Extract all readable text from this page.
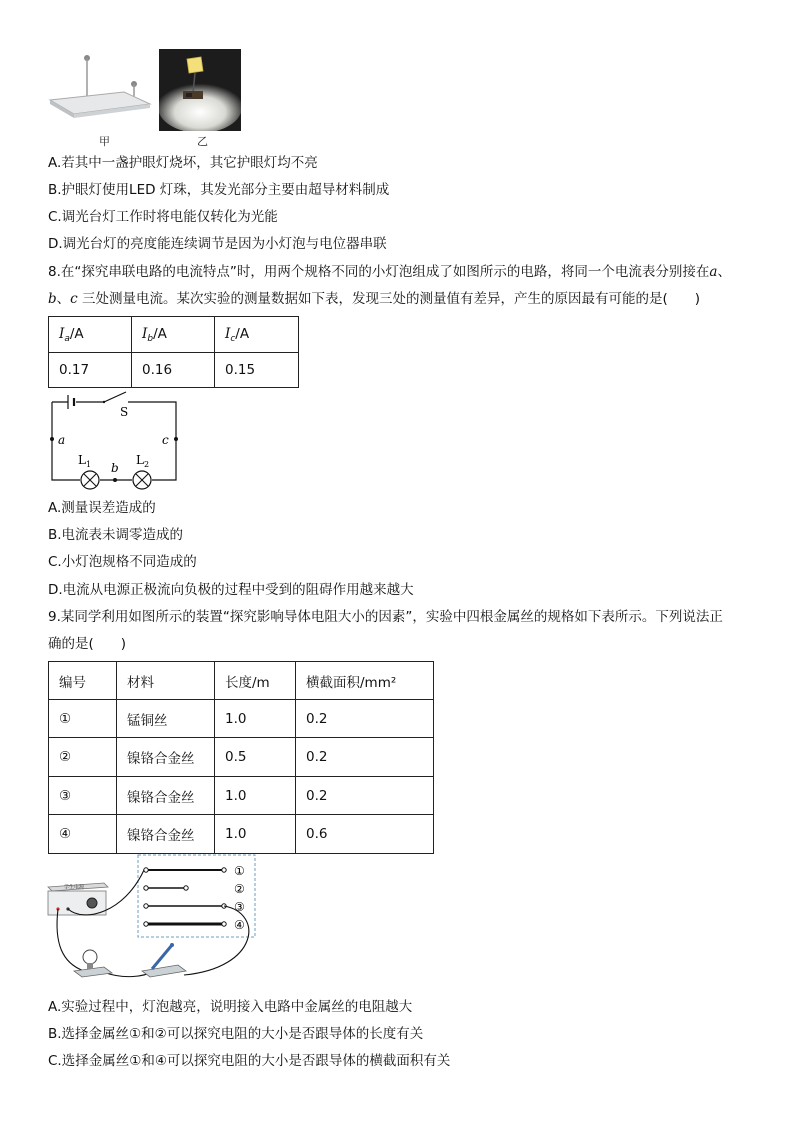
甲	乙
A.若其中一盏护眼灯烧坏，其它护眼灯均不亮
B.护眼灯使用LED 灯珠，其发光部分主要由超导材料制成
C.调光台灯工作时将电能仅转化为光能
D.调光台灯的亮度能连续调节是因为小灯泡与电位器串联
8.在“探究串联电路的电流特点”时，用两个规格不同的小灯泡组成了如图所示的电路，将同一个电流表分别接在a、
b、c 三处测量电流。某次实验的测量数据如下表，发现三处的测量值有差异，产生的原因最有可能的是(　　)
$I_a/A$	$I_b/A$	$I_c/A$
0.17	0.16	0.15
S
a	c
$L_1$ b
$L_2$
A.测量误差造成的
B.电流表未调零造成的
C.小灯泡规格不同造成的
D.电流从电源正极流向负极的过程中受到的阻碍作用越来越大
9.某同学利用如图所示的装置“探究影响导体电阻大小的因素”，实验中四根金属丝的规格如下表所示。下列说法正
确的是(　　)
编号	材料	长度/m	横截面积/mm²
①	锰铜丝	1.0	0.2
②	镍铬合金丝	0.5	0.2
③	镍铬合金丝	1.0	0.2
④	镍铬合金丝	1.0	0.6
①
②
③
④
学生电源
A.实验过程中，灯泡越亮，说明接入电路中金属丝的电阻越大
B.选择金属丝①和②可以探究电阻的大小是否跟导体的长度有关
C.选择金属丝①和④可以探究电阻的大小是否跟导体的横截面积有关
